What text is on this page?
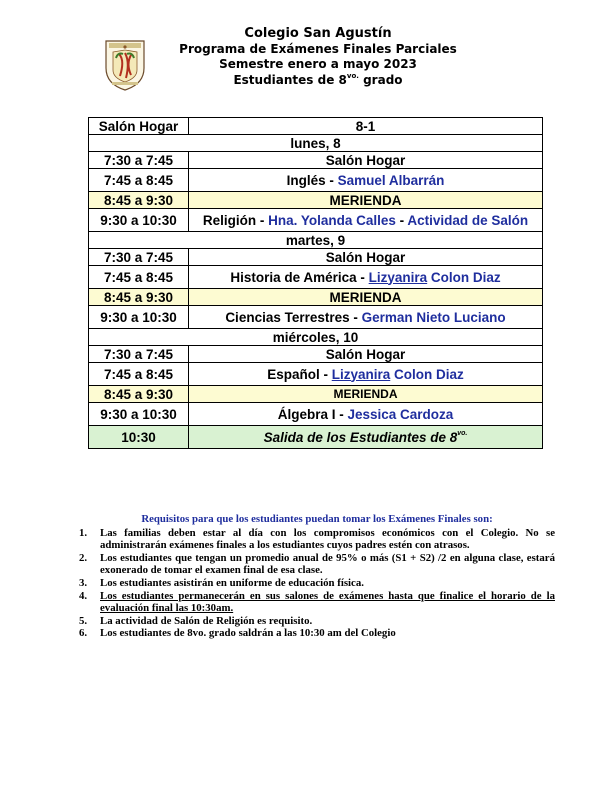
Colegio San Agustín
Programa de Exámenes Finales Parciales
Semestre enero a mayo 2023
Estudiantes de $8^{vo.}$ grado
Salón Hogar	8-1
lunes, 8	
7:30 a 7:45	Salón Hogar
7:45 a 8:45	Inglés - Samuel Albarrán
8:45 a 9:30	MERIENDA
9:30 a 10:30	Religión - Hna. Yolanda Calles - Actividad de Salón
martes, 9	
7:30 a 7:45	Salón Hogar
7:45 a 8:45	Historia de América - Lizyanira Colon Diaz
8:45 a 9:30	MERIENDA
9:30 a 10:30	Ciencias Terrestres - German Nieto Luciano
miércoles, 10	
7:30 a 7:45	Salón Hogar
7:45 a 8:45	Español - Lizyanira Colon Diaz
8:45 a 9:30	MERIENDA
9:30 a 10:30	Álgebra I - Jessica Cardoza
10:30	Salida de los Estudiantes de $8^{vo.}$
Requisitos para que los estudiantes puedan tomar los Exámenes Finales son:
1. Las familias deben estar al día con los compromisos económicos con el Colegio. No se administrarán exámenes finales a los estudiantes cuyos padres estén con atrasos.
2. Los estudiantes que tengan un promedio anual de 95% o más (S1 + S2) /2 en alguna clase, estará exonerado de tomar el examen final de esa clase.
3. Los estudiantes asistirán en uniforme de educación física.
4. Los estudiantes permanecerán en sus salones de exámenes hasta que finalice el horario de la evaluación final las 10:30am.
5. La actividad de Salón de Religión es requisito.
6. Los estudiantes de 8vo. grado saldrán a las 10:30 am del Colegio
